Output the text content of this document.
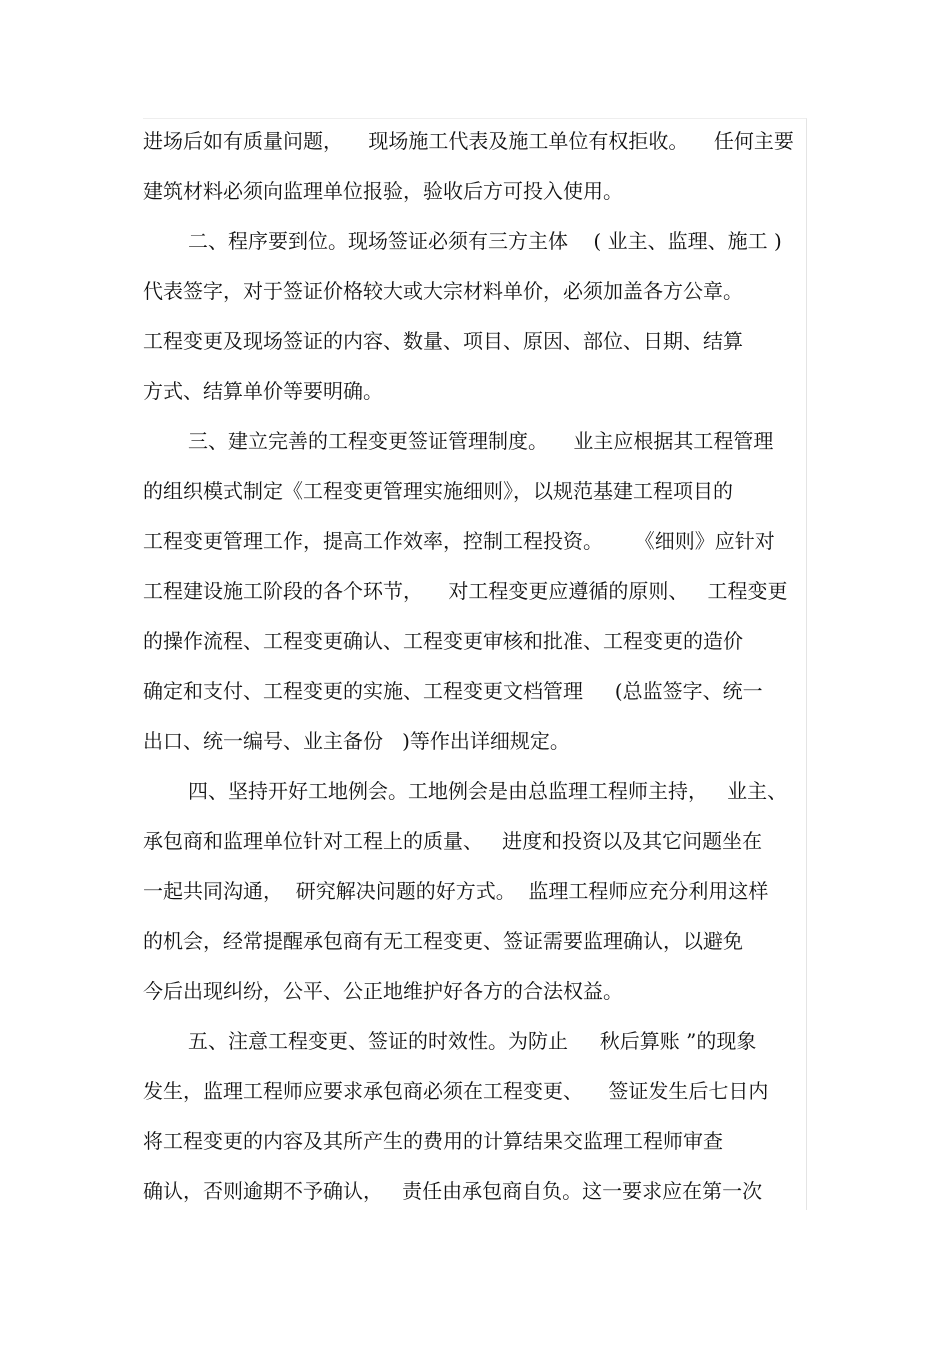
进场后如有质量问题，    现场施工代表及施工单位有权拒收。    任何主要
建筑材料必须向监理单位报验，验收后方可投入使用。
二、程序要到位。现场签证必须有三方主体    ( 业主、监理、施工 )
代表签字，对于签证价格较大或大宗材料单价，必须加盖各方公章。
工程变更及现场签证的内容、数量、项目、原因、部位、日期、结算
方式、结算单价等要明确。
三、建立完善的工程变更签证管理制度。    业主应根据其工程管理
的组织模式制定《工程变更管理实施细则》，以规范基建工程项目的
工程变更管理工作，提高工作效率，控制工程投资。     《细则》应针对
工程建设施工阶段的各个环节，    对工程变更应遵循的原则、   工程变更
的操作流程、工程变更确认、工程变更审核和批准、工程变更的造价
确定和支付、工程变更的实施、工程变更文档管理     (总监签字、统一
出口、统一编号、业主备份   )等作出详细规定。
四、坚持开好工地例会。工地例会是由总监理工程师主持，   业主、
承包商和监理单位针对工程上的质量、   进度和投资以及其它问题坐在
一起共同沟通，  研究解决问题的好方式。  监理工程师应充分利用这样
的机会，经常提醒承包商有无工程变更、签证需要监理确认，以避免
今后出现纠纷，公平、公正地维护好各方的合法权益。
五、注意工程变更、签证的时效性。为防止     秋后算账 ”的现象
发生，监理工程师应要求承包商必须在工程变更、    签证发生后七日内
将工程变更的内容及其所产生的费用的计算结果交监理工程师审查
确认，否则逾期不予确认，   责任由承包商自负。这一要求应在第一次
